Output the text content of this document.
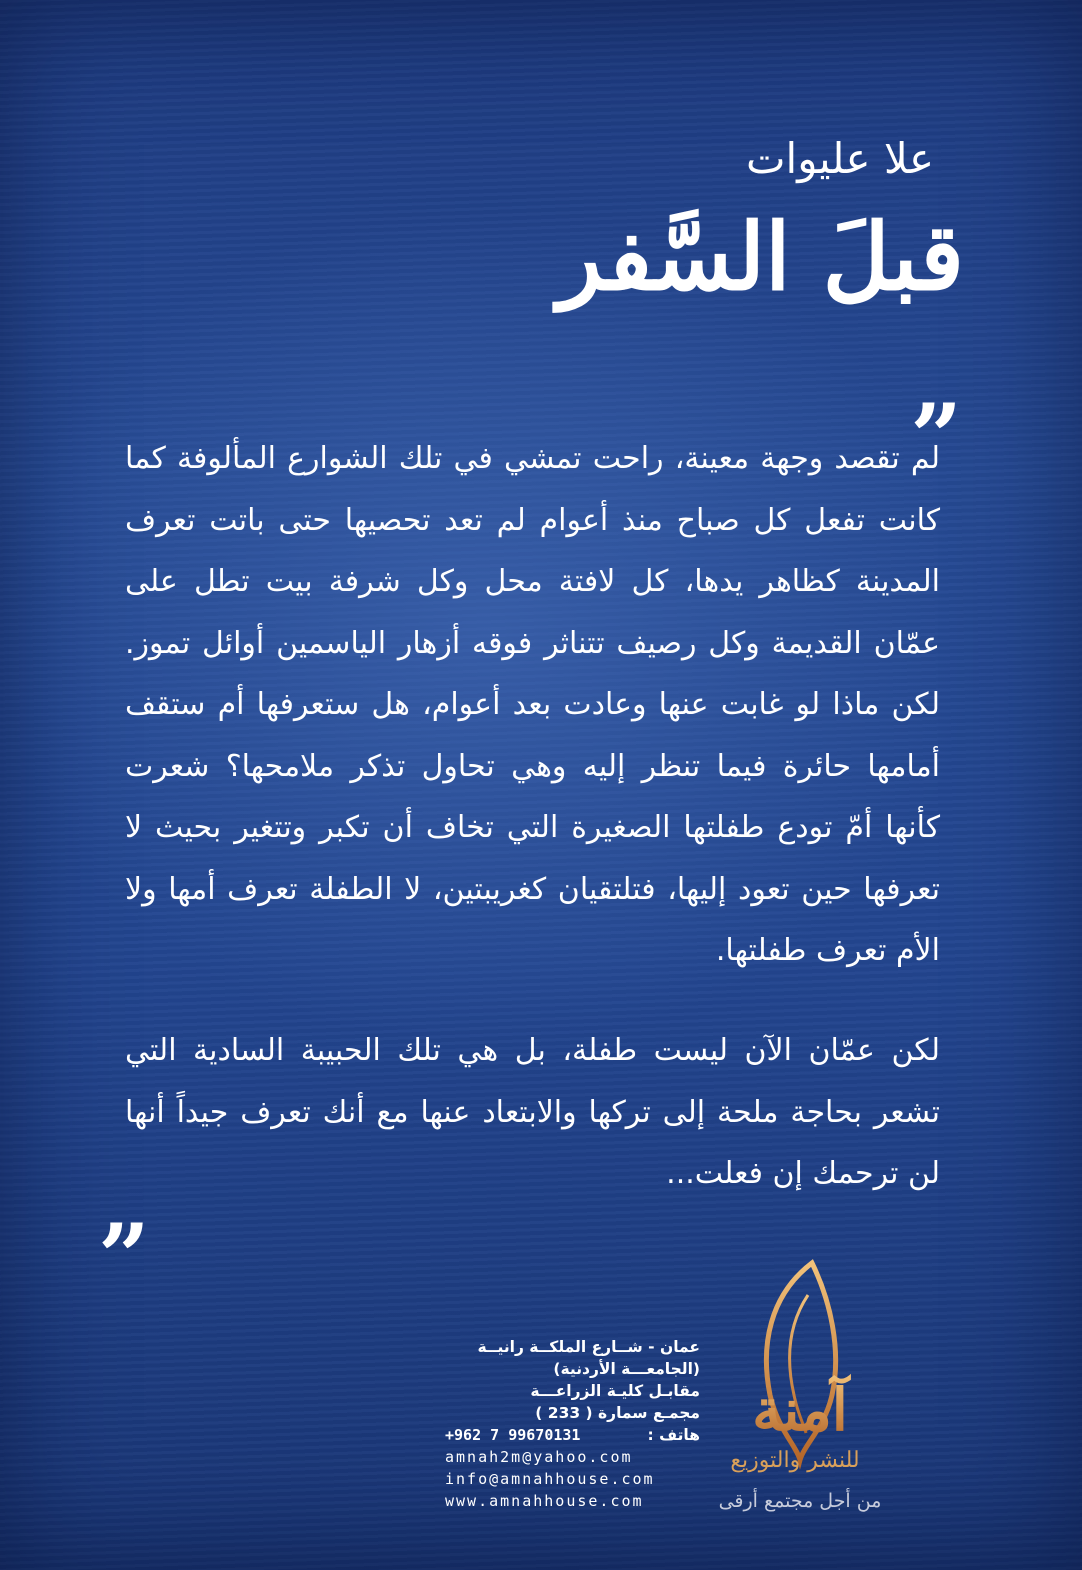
علا عليوات
قبلَ السَّفر
”

لم تقصد وجهة معينة، راحت تمشي في تلك الشوارع المألوفة كما كانت تفعل كل صباح منذ أعوام لم تعد تحصيها حتى باتت تعرف المدينة كظاهر يدها، كل لافتة محل وكل شرفة بيت تطل على عمّان القديمة وكل رصيف تتناثر فوقه أزهار الياسمين أوائل تموز. لكن ماذا لو غابت عنها وعادت بعد أعوام، هل ستعرفها أم ستقف أمامها حائرة فيما تنظر إليه وهي تحاول تذكر ملامحها؟ شعرت كأنها أمّ تودع طفلتها الصغيرة التي تخاف أن تكبر وتتغير بحيث لا تعرفها حين تعود إليها، فتلتقيان كغريبتين، لا الطفلة تعرف أمها ولا الأم تعرف طفلتها.

لكن عمّان الآن ليست طفلة، بل هي تلك الحبيبة السادية التي تشعر بحاجة ملحة إلى تركها والابتعاد عنها مع أنك تعرف جيداً أنها لن ترحمك إن فعلت...

”
عمان - شــارع الملكــة رانيــة
(الجامعـــة الأردنية)
مقابـل كليـة الزراعـــة
مجمـع سمارة ( 233 )
هاتف :
+962 7 99670131
amnah2m@yahoo.com
info@amnahhouse.com
www.amnahhouse.com
آمنة

للنشر والتوزيع

من أجل مجتمع أرقى
